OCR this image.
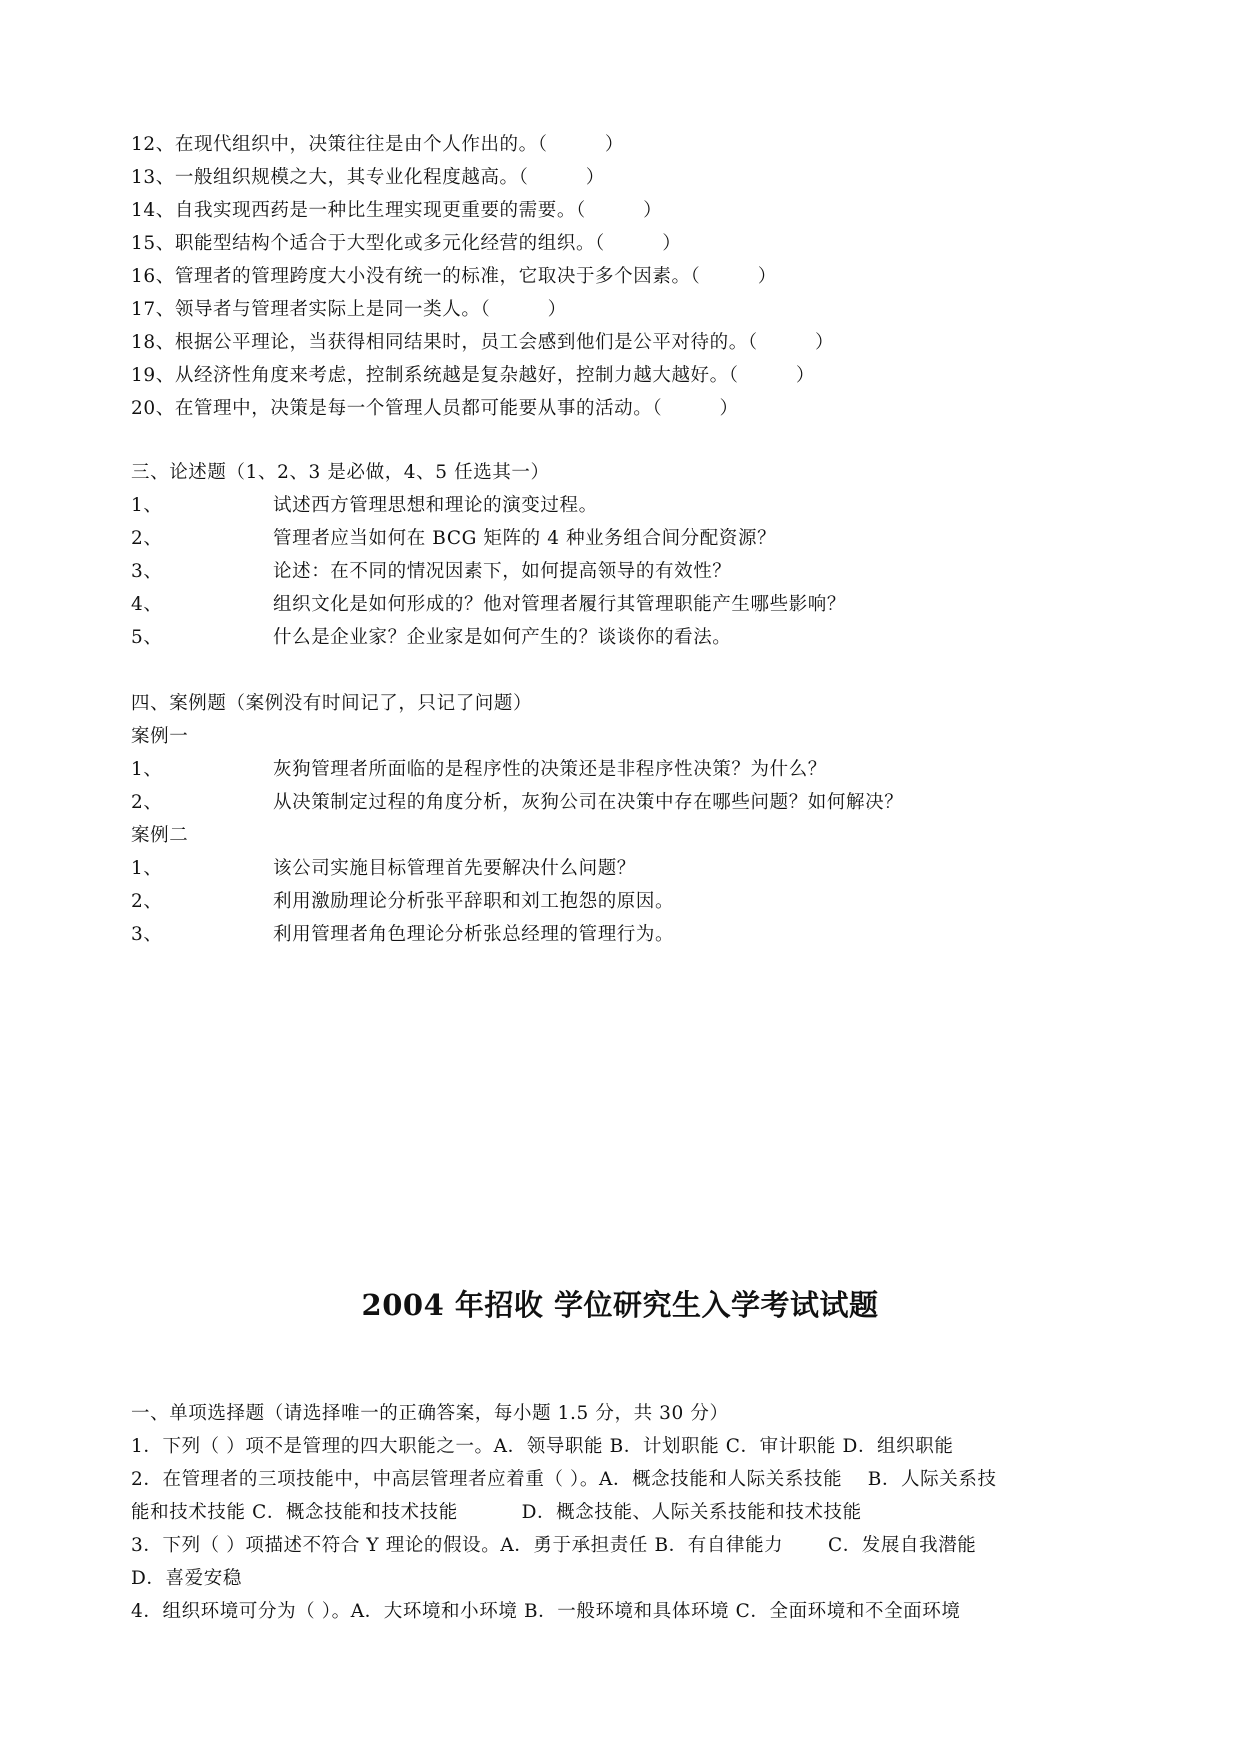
12、在现代组织中，决策往往是由个人作出的。（　　　）
13、一般组织规模之大，其专业化程度越高。（　　　）
14、自我实现西药是一种比生理实现更重要的需要。（　　　）
15、职能型结构个适合于大型化或多元化经营的组织。（　　　）
16、管理者的管理跨度大小没有统一的标准，它取决于多个因素。（　　　）
17、领导者与管理者实际上是同一类人。（　　　）
18、根据公平理论，当获得相同结果时，员工会感到他们是公平对待的。（　　　）
19、从经济性角度来考虑，控制系统越是复杂越好，控制力越大越好。（　　　）
20、在管理中，决策是每一个管理人员都可能要从事的活动。（　　　）
三、论述题（1、2、3 是必做，4、5 任选其一）
1、	试述西方管理思想和理论的演变过程。
2、	管理者应当如何在 BCG 矩阵的 4 种业务组合间分配资源？
3、	论述：在不同的情况因素下，如何提高领导的有效性？
4、	组织文化是如何形成的？他对管理者履行其管理职能产生哪些影响？
5、	什么是企业家？企业家是如何产生的？谈谈你的看法。
四、案例题（案例没有时间记了，只记了问题）
案例一
1、	灰狗管理者所面临的是程序性的决策还是非程序性决策？为什么？
2、	从决策制定过程的角度分析，灰狗公司在决策中存在哪些问题？如何解决？
案例二
1、	该公司实施目标管理首先要解决什么问题？
2、	利用激励理论分析张平辞职和刘工抱怨的原因。
3、	利用管理者角色理论分析张总经理的管理行为。
2004 年招收 学位研究生入学考试试题
一、单项选择题（请选择唯一的正确答案，每小题 1.5 分，共 30 分）
1．下列（ ）项不是管理的四大职能之一。A．领导职能 B．计划职能 C．审计职能 D．组织职能
2．在管理者的三项技能中，中高层管理者应着重（ ）。A．概念技能和人际关系技能　 B．人际关系技
能和技术技能 C．概念技能和技术技能　　　 D．概念技能、人际关系技能和技术技能
3．下列（ ）项描述不符合 Y 理论的假设。A．勇于承担责任 B．有自律能力　　 C．发展自我潜能
D．喜爱安稳
4．组织环境可分为（ ）。A．大环境和小环境 B．一般环境和具体环境 C．全面环境和不全面环境
